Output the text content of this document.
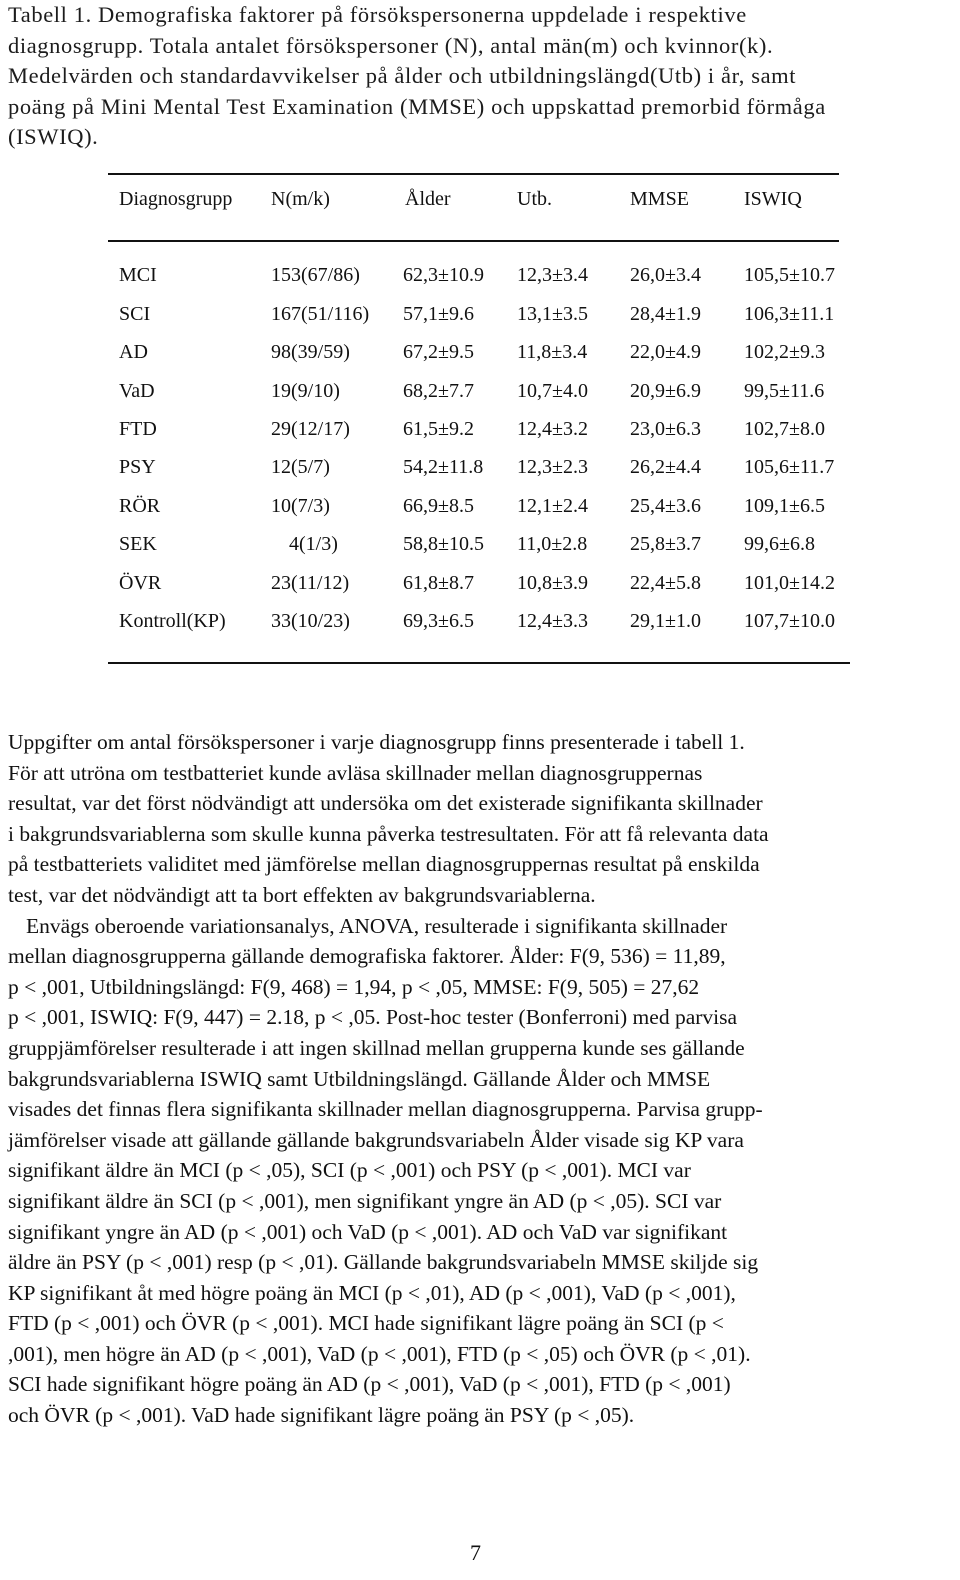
Tabell 1. Demografiska faktorer på försökspersonerna uppdelade i respektive
diagnosgrupp. Totala antalet försökspersoner (N), antal män(m) och kvinnor(k).
Medelvärden och standardavvikelser på ålder och utbildningslängd(Utb) i år, samt
poäng på Mini Mental Test Examination (MMSE) och uppskattad premorbid förmåga
(ISWIQ).
Diagnosgrupp N(m/k)	Ålder	Utb.	MMSE	ISWIQ
MCI	153(67/86) 62,3±10.9 12,3±3.4 26,0±3.4 105,5±10.7
SCI	167(51/116) 57,1±9.6 13,1±3.5 28,4±1.9 106,3±11.1
AD	98(39/59)	67,2±9.5 11,8±3.4 22,0±4.9 102,2±9.3
VaD	19(9/10)	68,2±7.7 10,7±4.0 20,9±6.9 99,5±11.6
FTD	29(12/17)	61,5±9.2 12,4±3.2 23,0±6.3 102,7±8.0
PSY	12(5/7)	54,2±11.8 12,3±2.3 26,2±4.4 105,6±11.7
RÖR	10(7/3)	66,9±8.5 12,1±2.4 25,4±3.6 109,1±6.5
SEK	4(1/3)	58,8±10.5 11,0±2.8 25,8±3.7 99,6±6.8
ÖVR	23(11/12)	61,8±8.7 10,8±3.9 22,4±5.8 101,0±14.2
Kontroll(KP) 33(10/23)	69,3±6.5 12,4±3.3 29,1±1.0 107,7±10.0
Uppgifter om antal försökspersoner i varje diagnosgrupp finns presenterade i tabell 1.
För att utröna om testbatteriet kunde avläsa skillnader mellan diagnosgruppernas
resultat, var det först nödvändigt att undersöka om det existerade signifikanta skillnader
i bakgrundsvariablerna som skulle kunna påverka testresultaten. För att få relevanta data
på testbatteriets validitet med jämförelse mellan diagnosgruppernas resultat på enskilda
test, var det nödvändigt att ta bort effekten av bakgrundsvariablerna.
Envägs oberoende variationsanalys, ANOVA, resulterade i signifikanta skillnader
mellan diagnosgrupperna gällande demografiska faktorer. Ålder: F(9, 536) = 11,89,
p < ,001, Utbildningslängd: F(9, 468) = 1,94, p < ,05, MMSE: F(9, 505) = 27,62
p < ,001, ISWIQ: F(9, 447) = 2.18, p < ,05. Post-hoc tester (Bonferroni) med parvisa
gruppjämförelser resulterade i att ingen skillnad mellan grupperna kunde ses gällande
bakgrundsvariablerna ISWIQ samt Utbildningslängd. Gällande Ålder och MMSE
visades det finnas flera signifikanta skillnader mellan diagnosgrupperna. Parvisa grupp-
jämförelser visade att gällande gällande bakgrundsvariabeln Ålder visade sig KP vara
signifikant äldre än MCI (p < ,05), SCI (p < ,001) och PSY (p < ,001). MCI var
signifikant äldre än SCI (p < ,001), men signifikant yngre än AD (p < ,05). SCI var
signifikant yngre än AD (p < ,001) och VaD (p < ,001). AD och VaD var signifikant
äldre än PSY (p < ,001) resp (p < ,01). Gällande bakgrundsvariabeln MMSE skiljde sig
KP signifikant åt med högre poäng än MCI (p < ,01), AD (p < ,001), VaD (p < ,001),
FTD (p < ,001) och ÖVR (p < ,001). MCI hade signifikant lägre poäng än SCI (p <
,001), men högre än AD (p < ,001), VaD (p < ,001), FTD (p < ,05) och ÖVR (p < ,01).
SCI hade signifikant högre poäng än AD (p < ,001), VaD (p < ,001), FTD (p < ,001)
och ÖVR (p < ,001). VaD hade signifikant lägre poäng än PSY (p < ,05).
7
